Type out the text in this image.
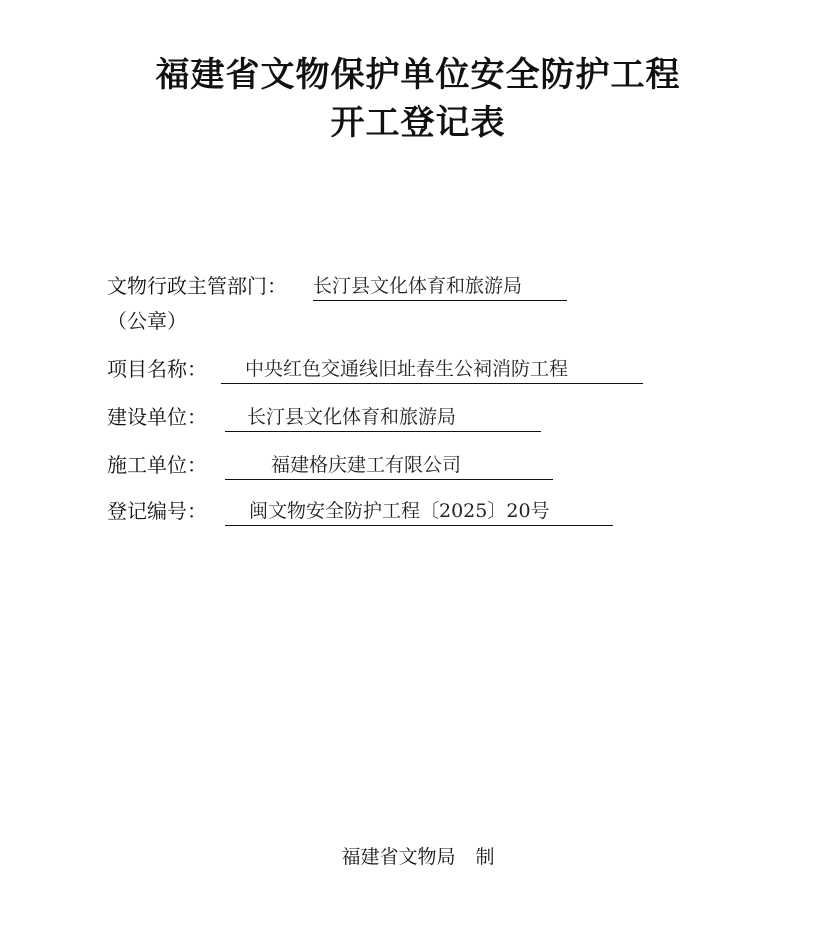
福建省文物保护单位安全防护工程
开工登记表
文物行政主管部门： 长汀县文化体育和旅游局
（公章）
项目名称：	中央红色交通线旧址春生公祠消防工程
建设单位：	长汀县文化体育和旅游局
施工单位：	福建格庆建工有限公司
登记编号：	闽文物安全防护工程〔2025〕20号
福建省文物局 制
